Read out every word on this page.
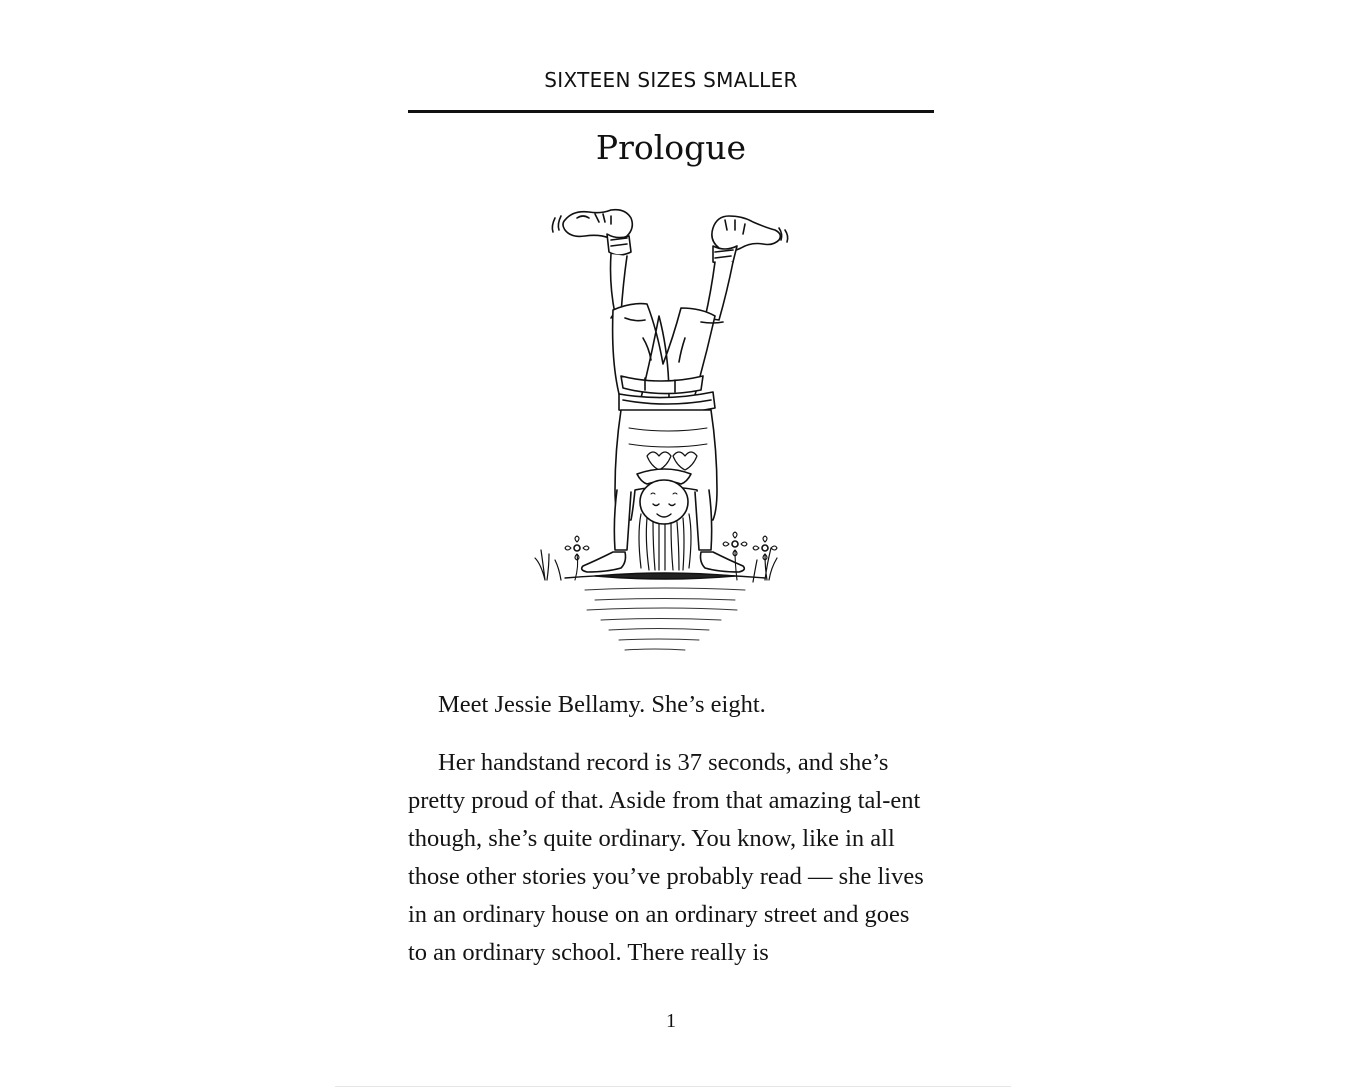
SIXTEEN SIZES SMALLER
Prologue

Meet Jessie Bellamy. She’s eight.

Her handstand record is 37 seconds, and she’s pretty proud of that. Aside from that amazing tal-ent though, she’s quite ordinary. You know, like in all those other stories you’ve probably read — she lives in an ordinary house on an ordinary street and goes to an ordinary school. There really is

1
